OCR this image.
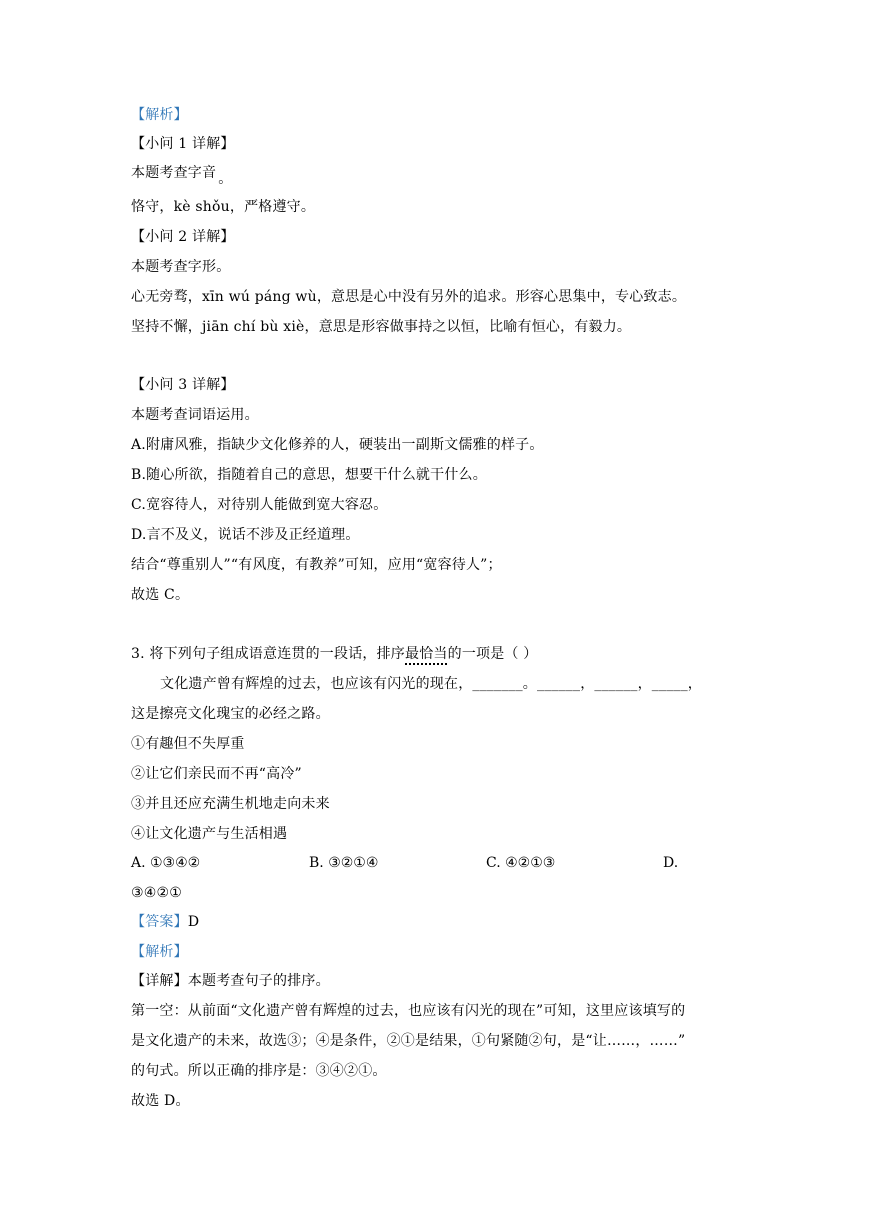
【解析】
【小问 1 详解】
本题考查字音 。
恪守，kè shǒu，严格遵守。
【小问 2 详解】
本题考查字形。
心无旁骛，xīn wú páng wù，意思是心中没有另外的追求。形容心思集中，专心致志。
坚持不懈，jiān chí bù xiè，意思是形容做事持之以恒，比喻有恒心，有毅力。
【小问 3 详解】
本题考查词语运用。
A.附庸风雅，指缺少文化修养的人，硬装出一副斯文儒雅的样子。
B.随心所欲，指随着自己的意思，想要干什么就干什么。
C.宽容待人，对待别人能做到宽大容忍。
D.言不及义，说话不涉及正经道理。
结合“尊重别人”“有风度，有教养”可知，应用“宽容待人”；
故选 C。
3. 将下列句子组成语意连贯的一段话，排序最恰当的一项是（ ）
文化遗产曾有辉煌的过去，也应该有闪光的现在，_______。______，______，_____，
这是擦亮文化瑰宝的必经之路。
①有趣但不失厚重
②让它们亲民而不再“高冷”
③并且还应充满生机地走向未来
④让文化遗产与生活相遇
A. ①③④②	B. ③②①④	C. ④②①③	D.
③④②①
【答案】D
【解析】
【详解】本题考查句子的排序。
第一空：从前面“文化遗产曾有辉煌的过去，也应该有闪光的现在”可知，这里应该填写的
是文化遗产的未来，故选③；④是条件，②①是结果，①句紧随②句，是“让……，……”
的句式。所以正确的排序是：③④②①。
故选 D。
